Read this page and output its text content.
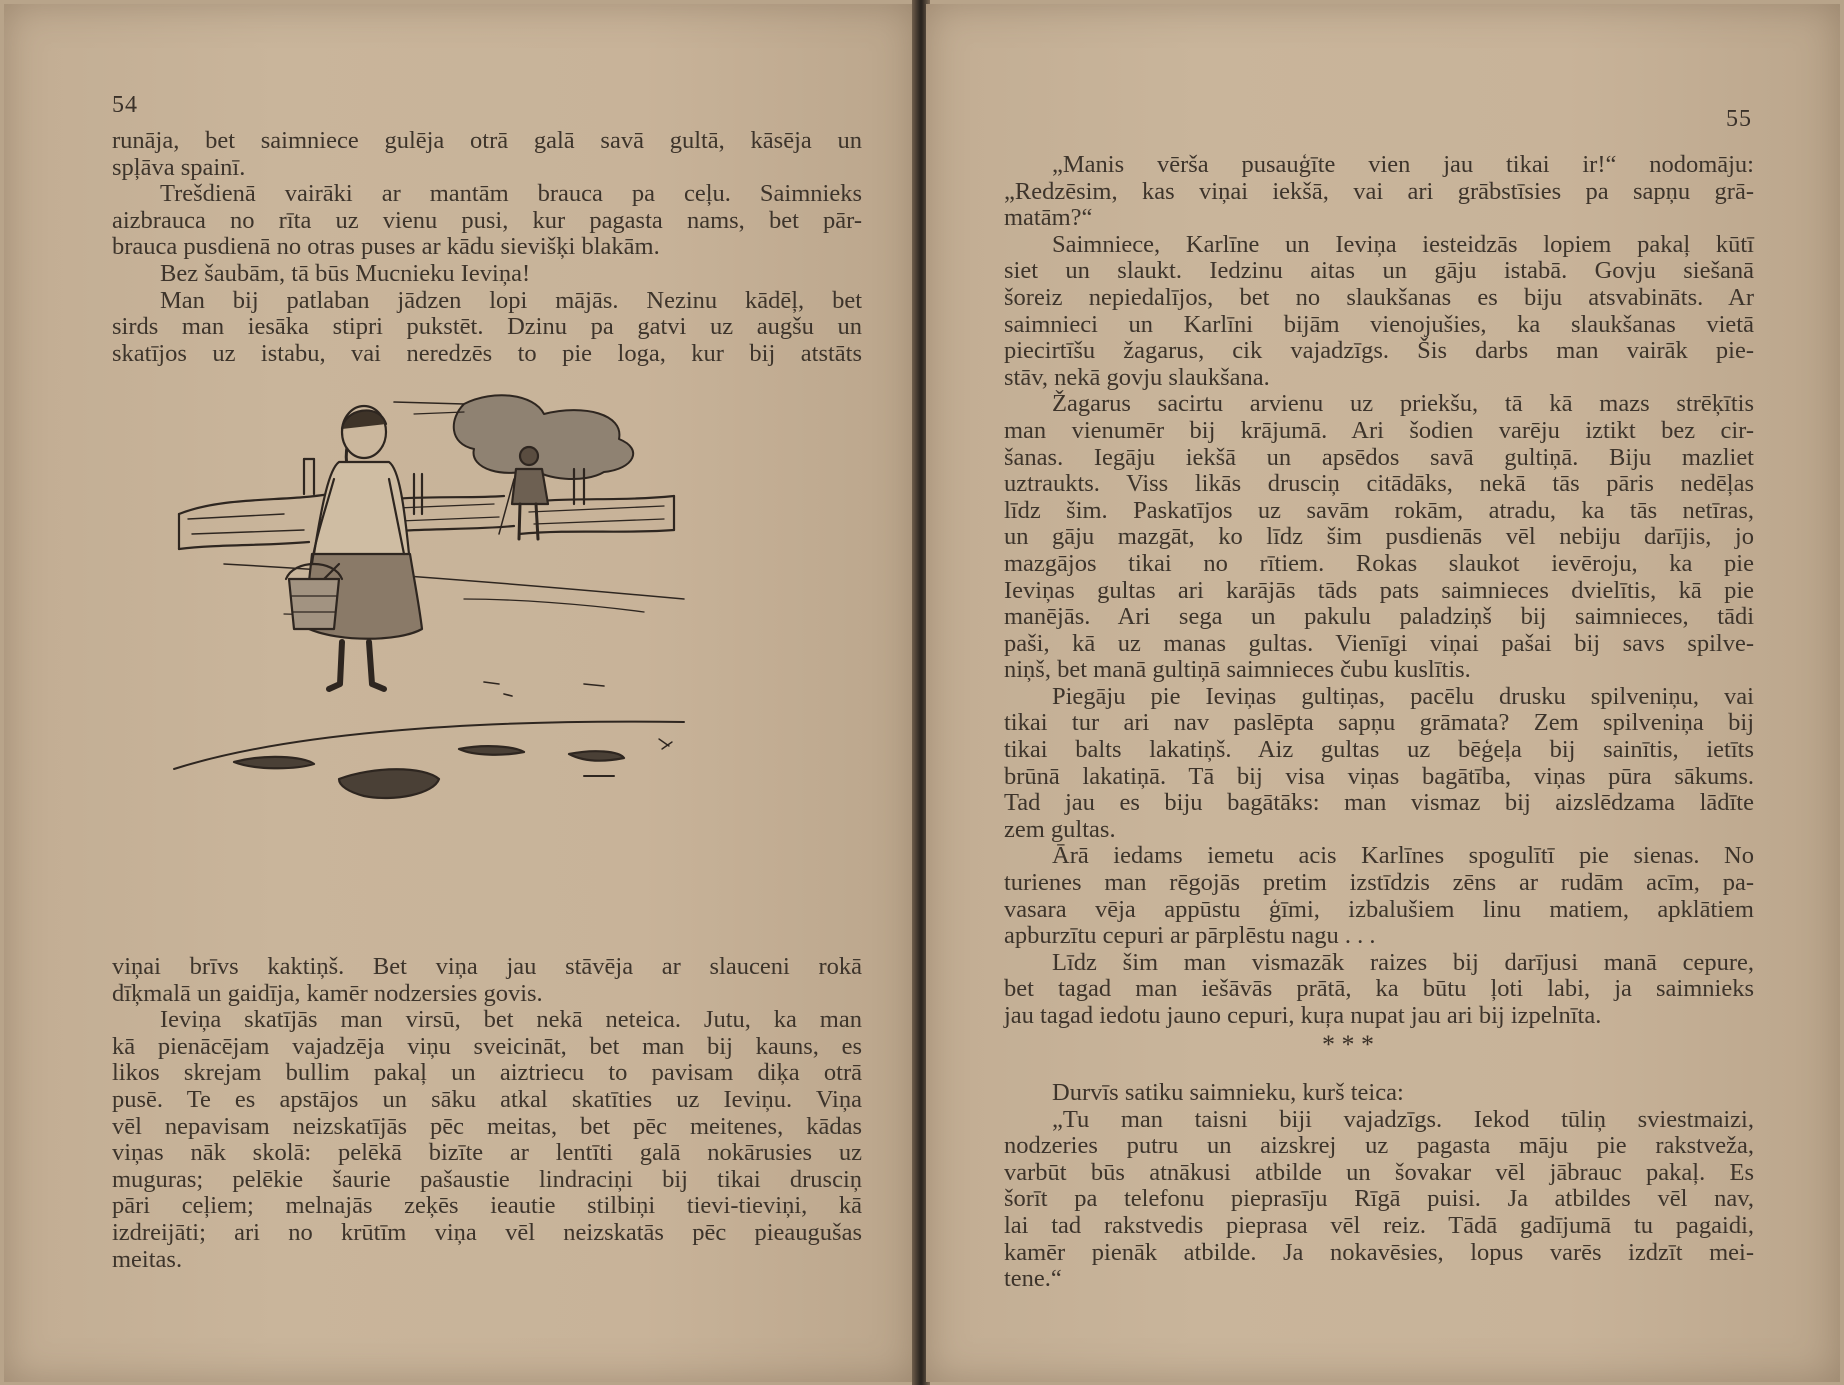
54
runāja, bet saimniece gulēja otrā galā savā gultā, kāsēja un
spļāva spainī.
Trešdienā vairāki ar mantām brauca pa ceļu. Saimnieks
aizbrauca no rīta uz vienu pusi, kur pagasta nams, bet pār-
brauca pusdienā no otras puses ar kādu sievišķi blakām.
Bez šaubām, tā būs Mucnieku Ieviņa!
Man bij patlaban jādzen lopi mājās. Nezinu kādēļ, bet
sirds man iesāka stipri pukstēt. Dzinu pa gatvi uz augšu un
skatījos uz istabu, vai neredzēs to pie loga, kur bij atstāts
viņai brīvs kaktiņš. Bet viņa jau stāvēja ar slauceni rokā
dīķmalā un gaidīja, kamēr nodzersies govis.
Ieviņa skatījās man virsū, bet nekā neteica. Jutu, ka man
kā pienācējam vajadzēja viņu sveicināt, bet man bij kauns, es
likos skrejam bullim pakaļ un aiztriecu to pavisam diķa otrā
pusē. Te es apstājos un sāku atkal skatīties uz Ieviņu. Viņa
vēl nepavisam neizskatījās pēc meitas, bet pēc meitenes, kādas
viņas nāk skolā: pelēkā bizīte ar lentīti galā nokārusies uz
muguras; pelēkie šaurie pašaustie lindraciņi bij tikai drusciņ
pāri ceļiem; melnajās zeķēs ieautie stilbiņi tievi-tieviņi, kā
izdreijāti; ari no krūtīm viņa vēl neizskatās pēc pieaugušas
meitas.
55
„Manis vērša pusauģīte vien jau tikai ir!“ nodomāju:
„Redzēsim, kas viņai iekšā, vai ari grābstīsies pa sapņu grā-
matām?“
Saimniece, Karlīne un Ieviņa iesteidzās lopiem pakaļ kūtī
siet un slaukt. Iedzinu aitas un gāju istabā. Govju siešanā
šoreiz nepiedalījos, bet no slaukšanas es biju atsvabināts. Ar
saimnieci un Karlīni bijām vienojušies, ka slaukšanas vietā
piecirtīšu žagarus, cik vajadzīgs. Šis darbs man vairāk pie-
stāv, nekā govju slaukšana.
Žagarus sacirtu arvienu uz priekšu, tā kā mazs strēķītis
man vienumēr bij krājumā. Ari šodien varēju iztikt bez cir-
šanas. Iegāju iekšā un apsēdos savā gultiņā. Biju mazliet
uztraukts. Viss likās drusciņ citādāks, nekā tās pāris nedēļas
līdz šim. Paskatījos uz savām rokām, atradu, ka tās netīras,
un gāju mazgāt, ko līdz šim pusdienās vēl nebiju darījis, jo
mazgājos tikai no rītiem. Rokas slaukot ievēroju, ka pie
Ieviņas gultas ari karājās tāds pats saimnieces dvielītis, kā pie
manējās. Ari sega un pakulu paladziņš bij saimnieces, tādi
paši, kā uz manas gultas. Vienīgi viņai pašai bij savs spilve-
niņš, bet manā gultiņā saimnieces čubu kuslītis.
Piegāju pie Ieviņas gultiņas, pacēlu drusku spilveniņu, vai
tikai tur ari nav paslēpta sapņu grāmata? Zem spilveniņa bij
tikai balts lakatiņš. Aiz gultas uz bēģeļa bij sainītis, ietīts
brūnā lakatiņā. Tā bij visa viņas bagātība, viņas pūra sākums.
Tad jau es biju bagātāks: man vismaz bij aizslēdzama lādīte
zem gultas.
Ārā iedams iemetu acis Karlīnes spogulītī pie sienas. No
turienes man rēgojās pretim izstīdzis zēns ar rudām acīm, pa-
vasara vēja appūstu ģīmi, izbalušiem linu matiem, apklātiem
apburzītu cepuri ar pārplēstu nagu . . .
Līdz šim man vismazāk raizes bij darījusi manā cepure,
bet tagad man iešāvās prātā, ka būtu ļoti labi, ja saimnieks
jau tagad iedotu jauno cepuri, kuŗa nupat jau ari bij izpelnīta.
* * *
Durvīs satiku saimnieku, kurš teica:
„Tu man taisni biji vajadzīgs. Iekod tūliņ sviestmaizi,
nodzeries putru un aizskrej uz pagasta māju pie rakstveža,
varbūt būs atnākusi atbilde un šovakar vēl jābrauc pakaļ. Es
šorīt pa telefonu pieprasīju Rīgā puisi. Ja atbildes vēl nav,
lai tad rakstvedis pieprasa vēl reiz. Tādā gadījumā tu pagaidi,
kamēr pienāk atbilde. Ja nokavēsies, lopus varēs izdzīt mei-
tene.“
